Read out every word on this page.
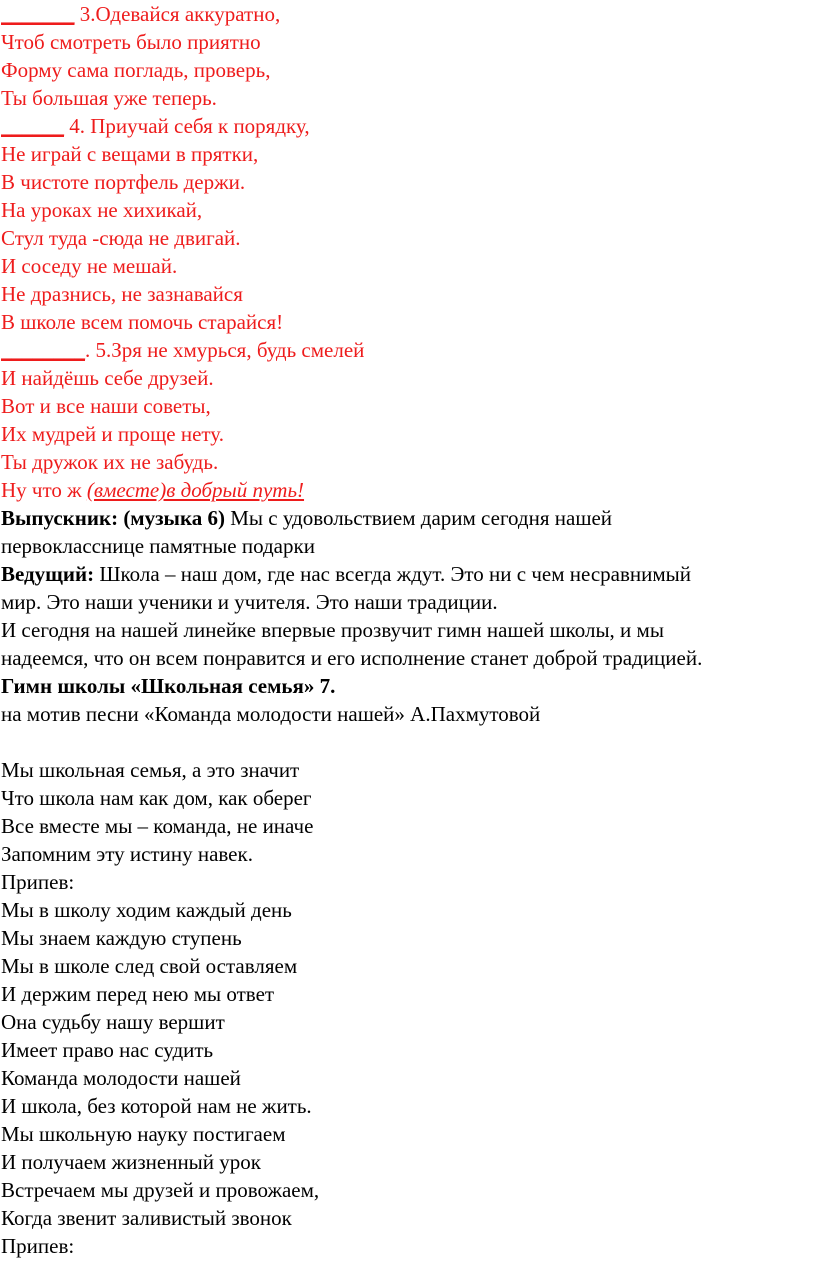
_______ 3.Одевайся аккуратно,
Чтоб смотреть было приятно
Форму сама погладь, проверь,
Ты большая уже теперь.
______ 4. Приучай себя к порядку,
Не играй с вещами в прятки,
В чистоте портфель держи.
На уроках не хихикай,
Стул туда -сюда не двигай.
И соседу не мешай.
Не дразнись, не зазнавайся
В школе всем помочь старайся!
________. 5.Зря не хмурься, будь смелей
И найдёшь себе друзей.
Вот и все наши советы,
Их мудрей и проще нету.
Ты дружок их не забудь.
Ну что ж (вместе)в добрый путь!
Выпускник: (музыка 6) Мы с удовольствием дарим сегодня нашей
первокласснице памятные подарки
Ведущий: Школа – наш дом, где нас всегда ждут. Это ни с чем несравнимый
мир. Это наши ученики и учителя. Это наши традиции.
И сегодня на нашей линейке впервые прозвучит гимн нашей школы, и мы
надеемся, что он всем понравится и его исполнение станет доброй традицией.
Гимн школы «Школьная семья» 7.
на мотив песни «Команда молодости нашей» А.Пахмутовой
Мы школьная семья, а это значит
Что школа нам как дом, как оберег
Все вместе мы – команда, не иначе
Запомним эту истину навек.
Припев:
Мы в школу ходим каждый день
Мы знаем каждую ступень
Мы в школе след свой оставляем
И держим перед нею мы ответ
Она судьбу нашу вершит
Имеет право нас судить
Команда молодости нашей
И школа, без которой нам не жить.
Мы школьную науку постигаем
И получаем жизненный урок
Встречаем мы друзей и провожаем,
Когда звенит заливистый звонок
Припев:
